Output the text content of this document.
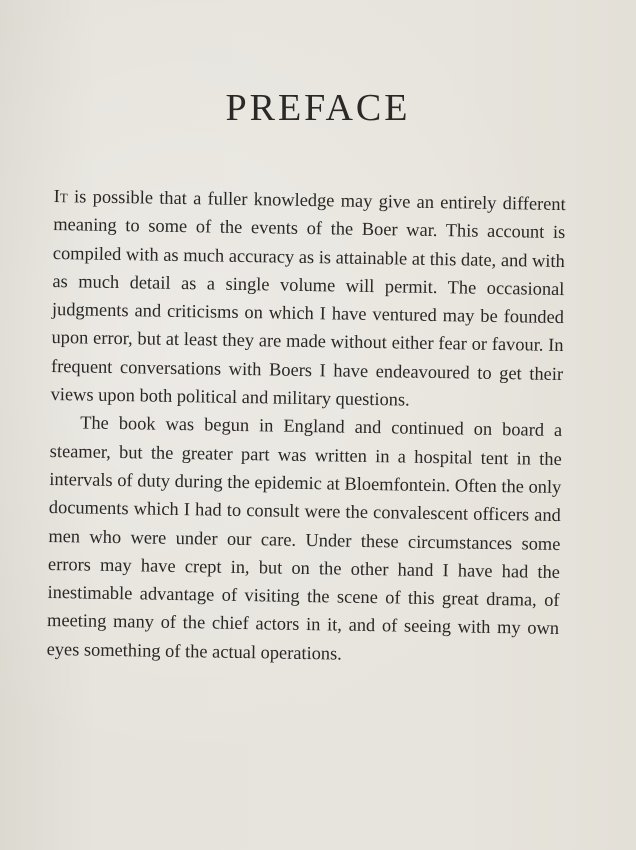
PREFACE

It is possible that a fuller knowledge may give an entirely different meaning to some of the events of the Boer war. This account is compiled with as much accuracy as is attainable at this date, and with as much detail as a single volume will permit. The occasional judgments and criticisms on which I have ventured may be founded upon error, but at least they are made without either fear or favour. In frequent conversations with Boers I have endeavoured to get their views upon both political and military questions.

The book was begun in England and continued on board a steamer, but the greater part was written in a hospital tent in the intervals of duty during the epidemic at Bloemfontein. Often the only documents which I had to consult were the convalescent officers and men who were under our care. Under these circumstances some errors may have crept in, but on the other hand I have had the inestimable advantage of visiting the scene of this great drama, of meeting many of the chief actors in it, and of seeing with my own eyes something of the actual operations.
